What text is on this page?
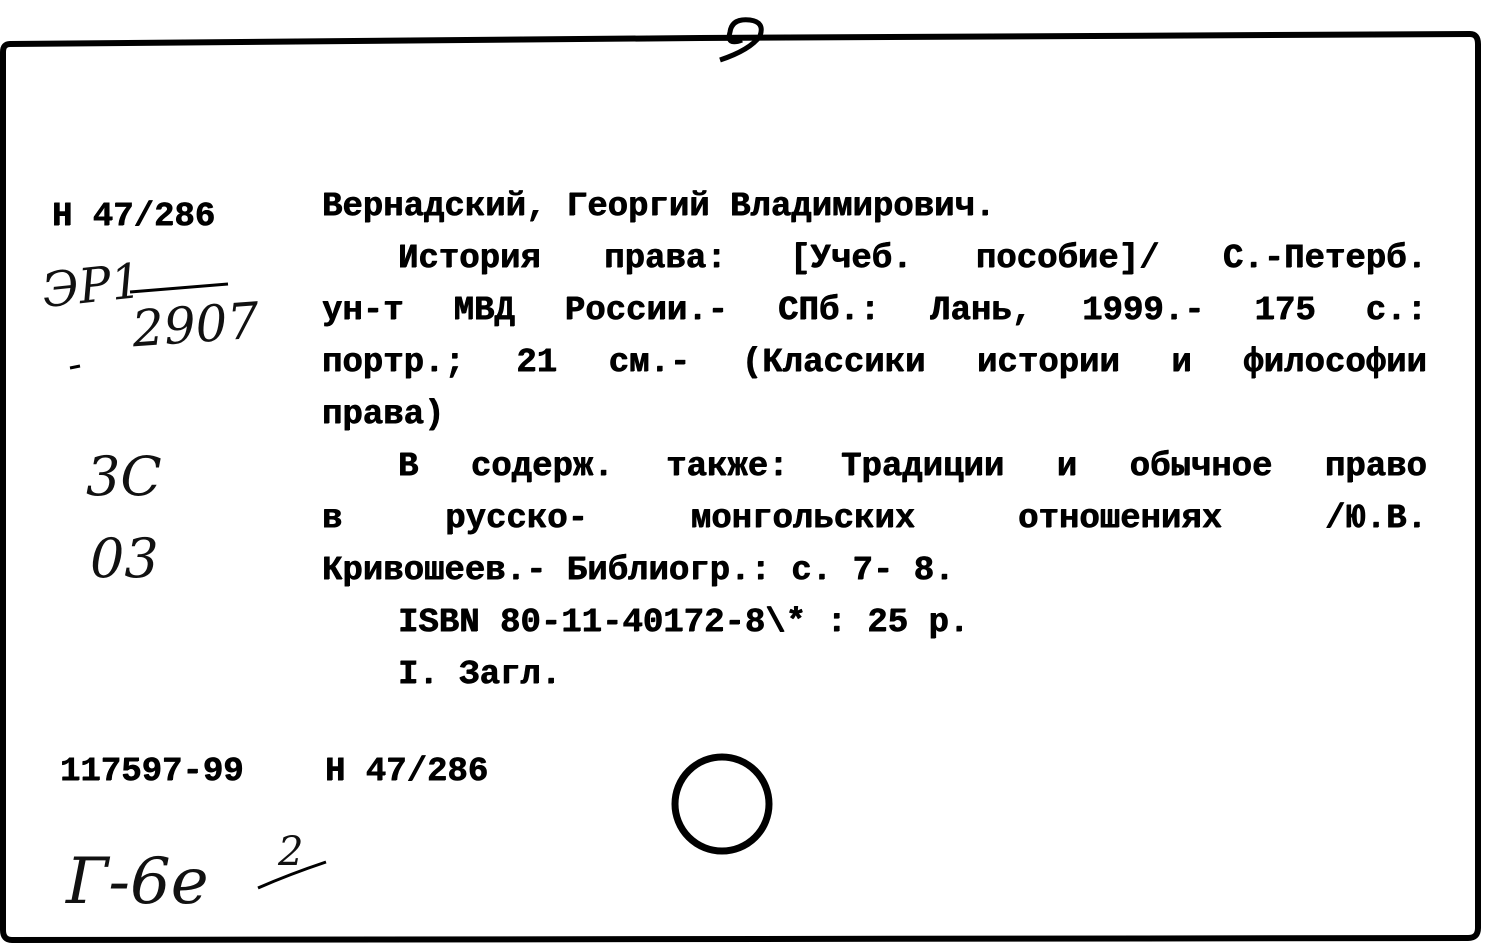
Н 47/286	Вернадский, Георгий Владимирович.
История права: [Учеб. пособие]/ С.-Петерб.
ун-т МВД России.- СПб.: Лань, 1999.- 175 с.:
портр.; 21 см.- (Классики истории и философии
права)
В содерж. также: Традиции и обычное право
в	русско-	монгольских	отношениях	/Ю.В.
Кривошеев.- Библиогр.: с. 7- 8.
ISBN 80-11-40172-8\* : 25 р.
I. Загл.
117597-99 Н 47/286
ЭР1
2907
3С
03
Г-6е 2
